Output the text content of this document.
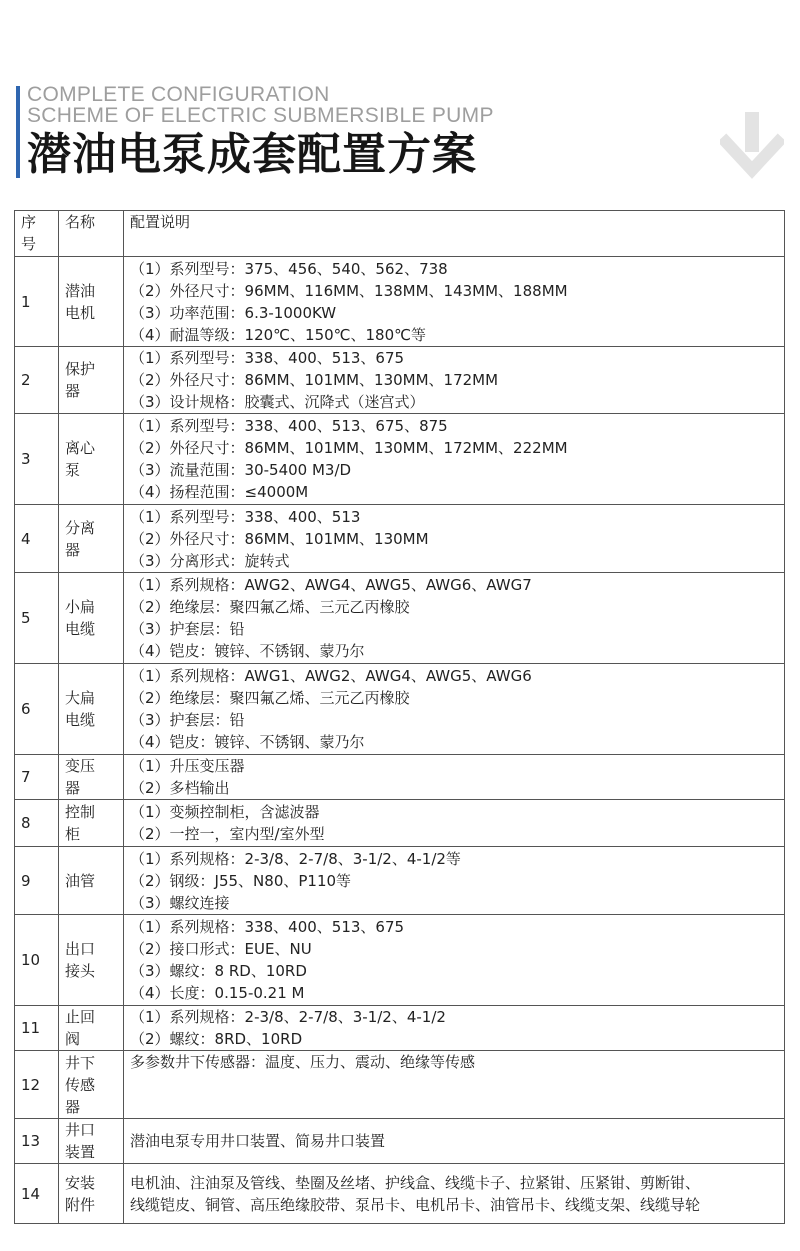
COMPLETE CONFIGURATION
SCHEME OF ELECTRIC SUBMERSIBLE PUMP
潜油电泵成套配置方案
序号	名称	配置说明
1	潜油电机	（1）系列型号：375、456、540、562、738
（2）外径尺寸：96MM、116MM、138MM、143MM、188MM
（3）功率范围：6.3-1000KW
（4）耐温等级：120℃、150℃、180℃等

2	保护器	（1）系列型号：338、400、513、675
（2）外径尺寸：86MM、101MM、130MM、172MM
（3）设计规格：胶囊式、沉降式（迷宫式）

3	离心泵	（1）系列型号：338、400、513、675、875
（2）外径尺寸：86MM、101MM、130MM、172MM、222MM
（3）流量范围：30-5400 M3/D
（4）扬程范围：≤4000M

4	分离器	（1）系列型号：338、400、513
（2）外径尺寸：86MM、101MM、130MM
（3）分离形式：旋转式

5	小扁电缆	（1）系列规格：AWG2、AWG4、AWG5、AWG6、AWG7
（2）绝缘层：聚四氟乙烯、三元乙丙橡胶
（3）护套层：铅
（4）铠皮：镀锌、不锈钢、蒙乃尔

6	大扁电缆	（1）系列规格：AWG1、AWG2、AWG4、AWG5、AWG6
（2）绝缘层：聚四氟乙烯、三元乙丙橡胶
（3）护套层：铅
（4）铠皮：镀锌、不锈钢、蒙乃尔

7	变压器	（1）升压变压器
（2）多档输出

8	控制柜	（1）变频控制柜，含滤波器
（2）一控一，室内型/室外型

9	油管	（1）系列规格：2-3/8、2-7/8、3-1/2、4-1/2等
（2）钢级：J55、N80、P110等
（3）螺纹连接

10	出口接头	（1）系列规格：338、400、513、675
（2）接口形式：EUE、NU
（3）螺纹：8 RD、10RD
（4）长度：0.15-0.21 M

11	止回阀	（1）系列规格：2-3/8、2-7/8、3-1/2、4-1/2
（2）螺纹：8RD、10RD

12	井下传感器	多参数井下传感器：温度、压力、震动、绝缘等传感

13	井口装置	潜油电泵专用井口装置、简易井口装置

14	安装附件	电机油、注油泵及管线、垫圈及丝堵、护线盒、线缆卡子、拉紧钳、压紧钳、剪断钳、
线缆铠皮、铜管、高压绝缘胶带、泵吊卡、电机吊卡、油管吊卡、线缆支架、线缆导轮
